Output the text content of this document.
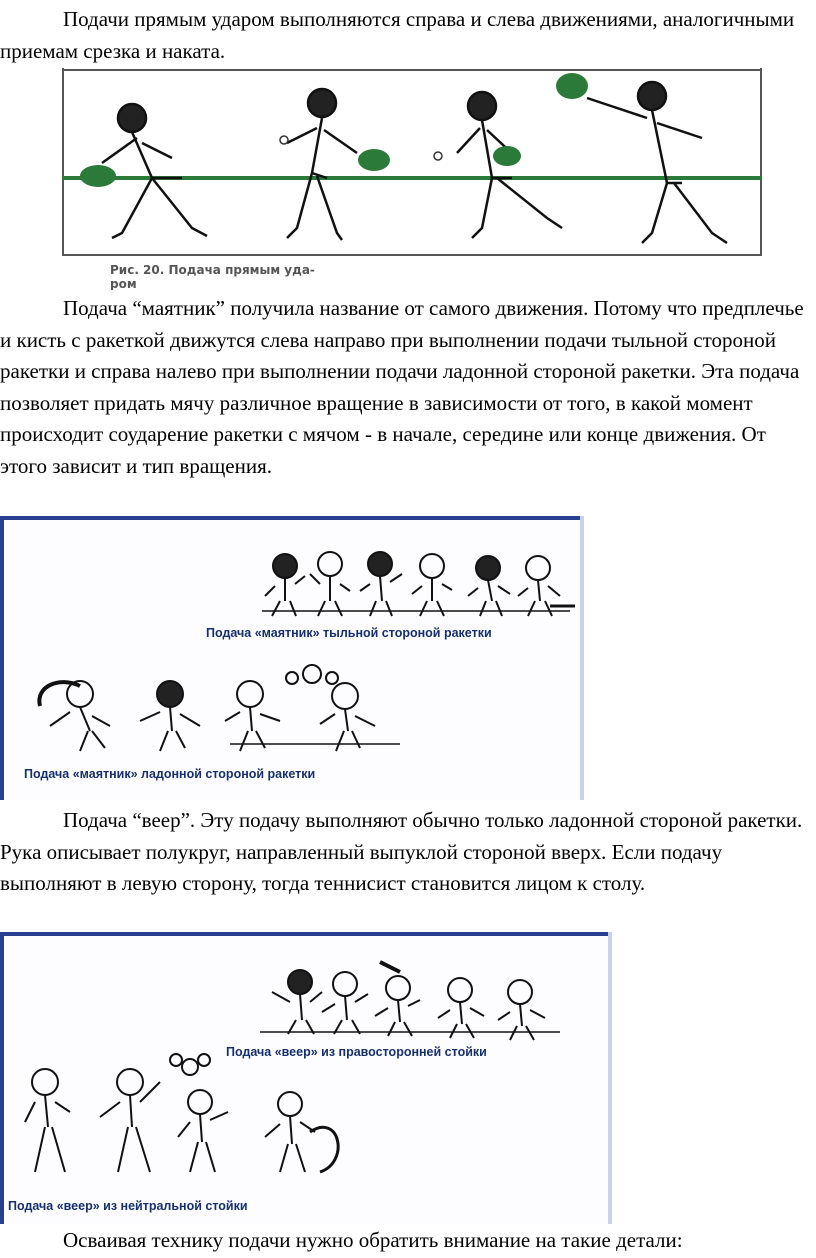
Подачи прямым ударом выполняются справа и слева движениями, аналогичными приемам срезка и наката.

Рис. 20. Подача прямым уда-
ром

Подача “маятник” получила название от самого движения. Потому что предплечье и кисть с ракеткой движутся слева направо при выполнении подачи тыльной стороной ракетки и справа налево при выполнении подачи ладонной стороной ракетки. Эта подача позволяет придать мячу различное вращение в зависимости от того, в какой момент происходит соударение ракетки с мячом - в начале, середине или конце движения. От этого зависит и тип вращения.

Подача «маятник» тыльной стороной ракетки
Подача «маятник» ладонной стороной ракетки

Подача “веер”. Эту подачу выполняют обычно только ладонной стороной ракетки. Рука описывает полукруг, направленный выпуклой стороной вверх. Если подачу выполняют в левую сторону, тогда теннисист становится лицом к столу.

Подача «веер» из правосторонней стойки
Подача «веер» из нейтральной стойки

Осваивая технику подачи нужно обратить внимание на такие детали:
